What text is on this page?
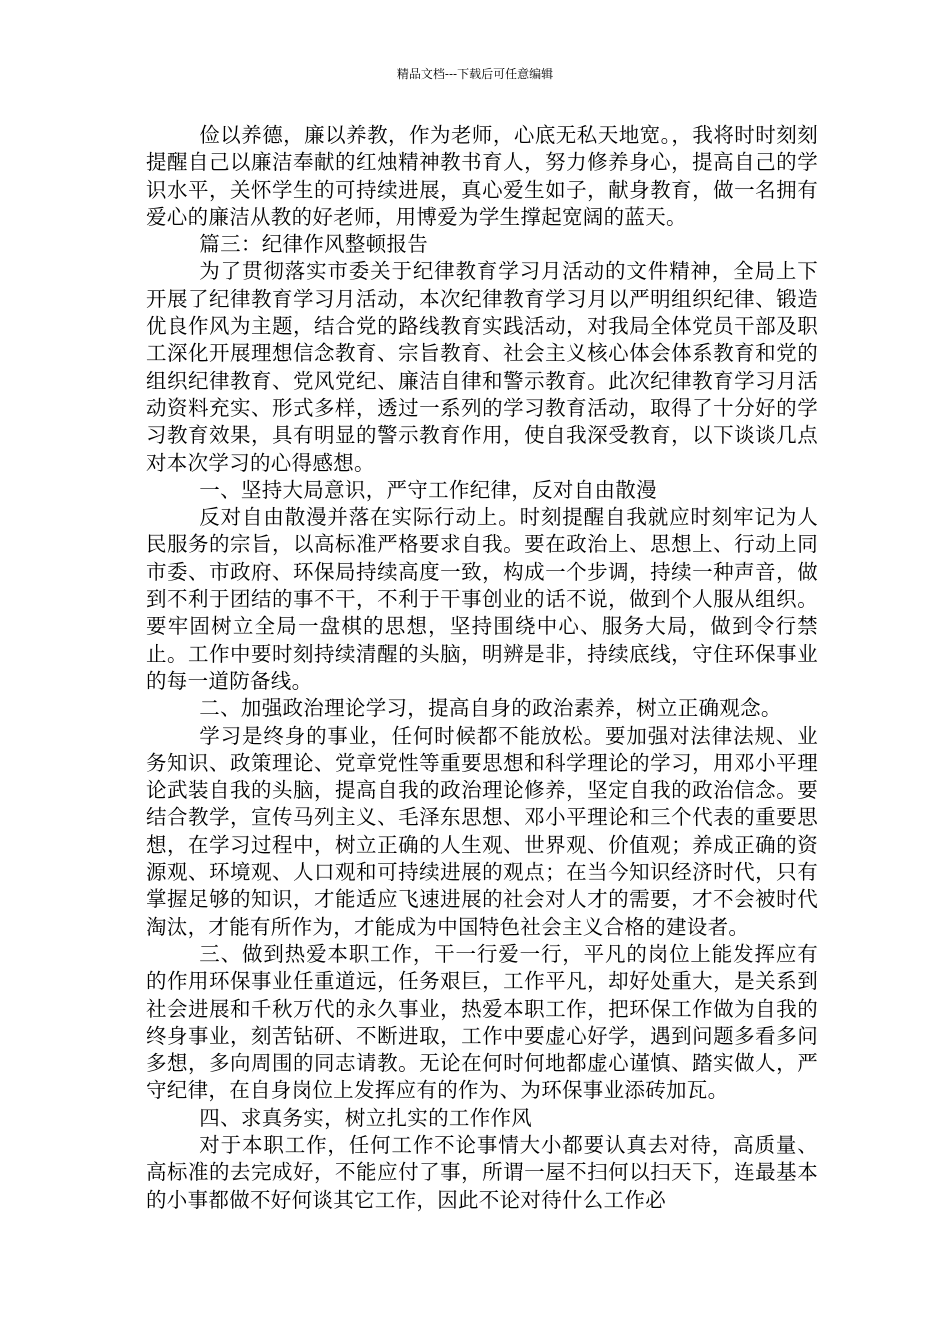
精品文档---下载后可任意编辑

俭以养德，廉以养教，作为老师，心底无私天地宽。，我将时时刻刻提醒自己以廉洁奉献的红烛精神教书育人，努力修养身心，提高自己的学识水平，关怀学生的可持续进展，真心爱生如子，献身教育，做一名拥有爱心的廉洁从教的好老师，用博爱为学生撑起宽阔的蓝天。

篇三：纪律作风整顿报告

为了贯彻落实市委关于纪律教育学习月活动的文件精神，全局上下开展了纪律教育学习月活动，本次纪律教育学习月以严明组织纪律、锻造优良作风为主题，结合党的路线教育实践活动，对我局全体党员干部及职工深化开展理想信念教育、宗旨教育、社会主义核心体会体系教育和党的组织纪律教育、党风党纪、廉洁自律和警示教育。此次纪律教育学习月活动资料充实、形式多样，透过一系列的学习教育活动，取得了十分好的学习教育效果，具有明显的警示教育作用，使自我深受教育，以下谈谈几点对本次学习的心得感想。

一、坚持大局意识，严守工作纪律，反对自由散漫

反对自由散漫并落在实际行动上。时刻提醒自我就应时刻牢记为人民服务的宗旨，以高标准严格要求自我。要在政治上、思想上、行动上同市委、市政府、环保局持续高度一致，构成一个步调，持续一种声音，做到不利于团结的事不干，不利于干事创业的话不说，做到个人服从组织。要牢固树立全局一盘棋的思想，坚持围绕中心、服务大局，做到令行禁止。工作中要时刻持续清醒的头脑，明辨是非，持续底线，守住环保事业的每一道防备线。

二、加强政治理论学习，提高自身的政治素养，树立正确观念。

学习是终身的事业，任何时候都不能放松。要加强对法律法规、业务知识、政策理论、党章党性等重要思想和科学理论的学习，用邓小平理论武装自我的头脑，提高自我的政治理论修养，坚定自我的政治信念。要结合教学，宣传马列主义、毛泽东思想、邓小平理论和三个代表的重要思想，在学习过程中，树立正确的人生观、世界观、价值观；养成正确的资源观、环境观、人口观和可持续进展的观点；在当今知识经济时代，只有掌握足够的知识，才能适应飞速进展的社会对人才的需要，才不会被时代淘汰，才能有所作为，才能成为中国特色社会主义合格的建设者。

三、做到热爱本职工作，干一行爱一行，平凡的岗位上能发挥应有的作用环保事业任重道远，任务艰巨，工作平凡，却好处重大，是关系到社会进展和千秋万代的永久事业，热爱本职工作，把环保工作做为自我的终身事业，刻苦钻研、不断进取，工作中要虚心好学，遇到问题多看多问多想，多向周围的同志请教。无论在何时何地都虚心谨慎、踏实做人，严守纪律，在自身岗位上发挥应有的作为、为环保事业添砖加瓦。

四、求真务实，树立扎实的工作作风

对于本职工作，任何工作不论事情大小都要认真去对待，高质量、高标准的去完成好，不能应付了事，所谓一屋不扫何以扫天下，连最基本的小事都做不好何谈其它工作，因此不论对待什么工作必
